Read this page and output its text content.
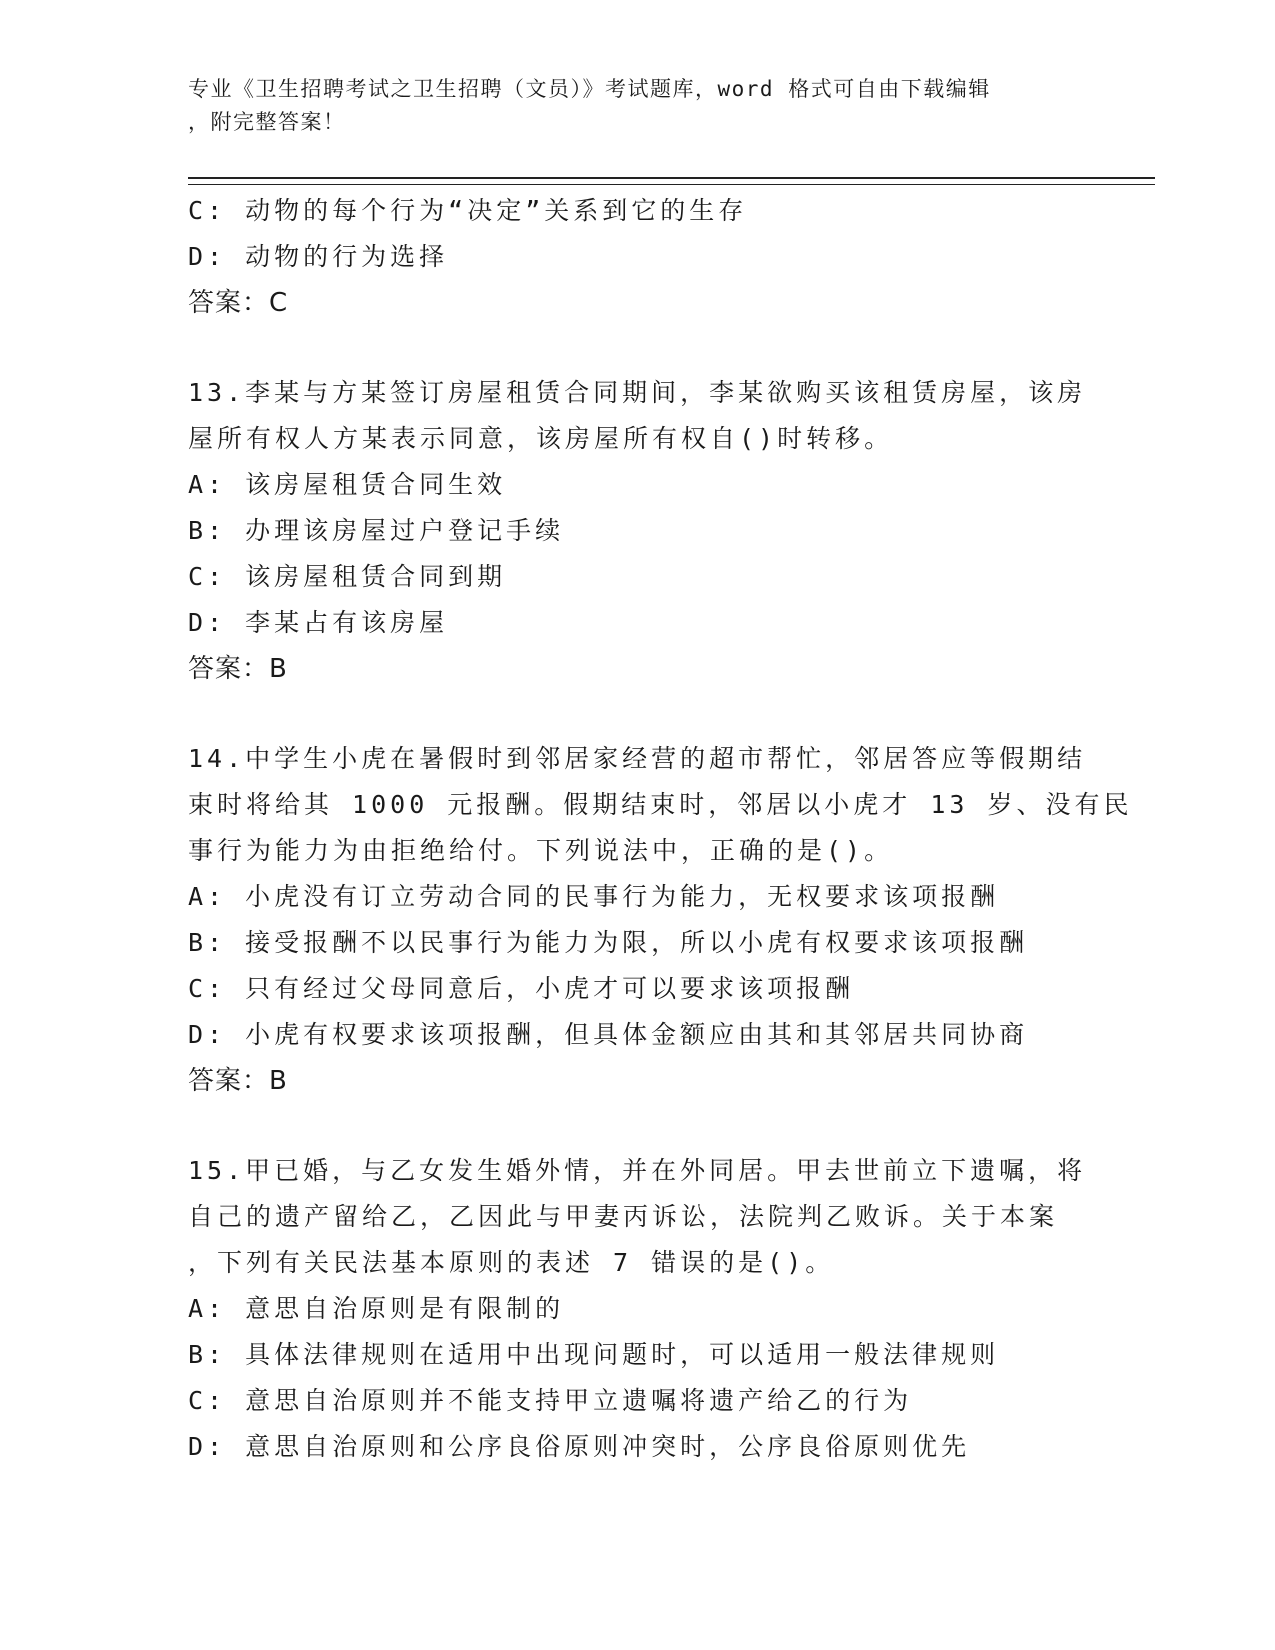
专业《卫生招聘考试之卫生招聘（文员）》考试题库，word 格式可自由下载编辑
，附完整答案！
C: 动物的每个行为“决定”关系到它的生存
D: 动物的行为选择
答案：C
13.李某与方某签订房屋租赁合同期间，李某欲购买该租赁房屋，该房
屋所有权人方某表示同意，该房屋所有权自()时转移。
A: 该房屋租赁合同生效
B: 办理该房屋过户登记手续
C: 该房屋租赁合同到期
D: 李某占有该房屋
答案：B
14.中学生小虎在暑假时到邻居家经营的超市帮忙，邻居答应等假期结
束时将给其 1000 元报酬。假期结束时，邻居以小虎才 13 岁、没有民
事行为能力为由拒绝给付。下列说法中，正确的是()。
A: 小虎没有订立劳动合同的民事行为能力，无权要求该项报酬
B: 接受报酬不以民事行为能力为限，所以小虎有权要求该项报酬
C: 只有经过父母同意后，小虎才可以要求该项报酬
D: 小虎有权要求该项报酬，但具体金额应由其和其邻居共同协商
答案：B
15.甲已婚，与乙女发生婚外情，并在外同居。甲去世前立下遗嘱，将
自己的遗产留给乙，乙因此与甲妻丙诉讼，法院判乙败诉。关于本案
，下列有关民法基本原则的表述 7 错误的是()。
A: 意思自治原则是有限制的
B: 具体法律规则在适用中出现问题时，可以适用一般法律规则
C: 意思自治原则并不能支持甲立遗嘱将遗产给乙的行为
D: 意思自治原则和公序良俗原则冲突时，公序良俗原则优先
